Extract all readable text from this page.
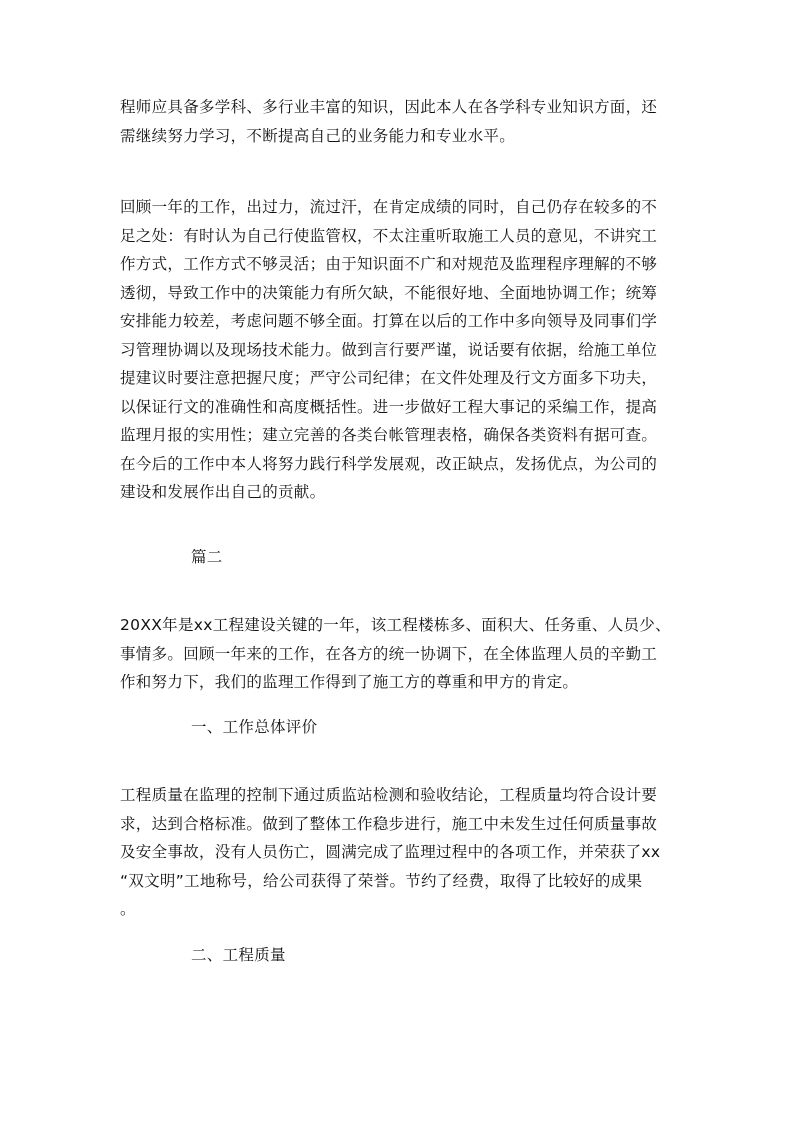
程师应具备多学科、多行业丰富的知识，因此本人在各学科专业知识方面，还
需继续努力学习，不断提高自己的业务能力和专业水平。
回顾一年的工作，出过力，流过汗，在肯定成绩的同时，自己仍存在较多的不
足之处：有时认为自己行使监管权，不太注重听取施工人员的意见，不讲究工
作方式，工作方式不够灵活；由于知识面不广和对规范及监理程序理解的不够
透彻，导致工作中的决策能力有所欠缺，不能很好地、全面地协调工作；统筹
安排能力较差，考虑问题不够全面。打算在以后的工作中多向领导及同事们学
习管理协调以及现场技术能力。做到言行要严谨，说话要有依据，给施工单位
提建议时要注意把握尺度；严守公司纪律；在文件处理及行文方面多下功夫，
以保证行文的准确性和高度概括性。进一步做好工程大事记的采编工作，提高
监理月报的实用性；建立完善的各类台帐管理表格，确保各类资料有据可查。
在今后的工作中本人将努力践行科学发展观，改正缺点，发扬优点，为公司的
建设和发展作出自己的贡献。
篇二
20XX年是xx工程建设关键的一年，该工程楼栋多、面积大、任务重、人员少、
事情多。回顾一年来的工作，在各方的统一协调下，在全体监理人员的辛勤工
作和努力下，我们的监理工作得到了施工方的尊重和甲方的肯定。
一、工作总体评价
工程质量在监理的控制下通过质监站检测和验收结论，工程质量均符合设计要
求，达到合格标准。做到了整体工作稳步进行，施工中未发生过任何质量事故
及安全事故，没有人员伤亡，圆满完成了监理过程中的各项工作，并荣获了xx
“双文明”工地称号，给公司获得了荣誉。节约了经费，取得了比较好的成果
。
二、工程质量
